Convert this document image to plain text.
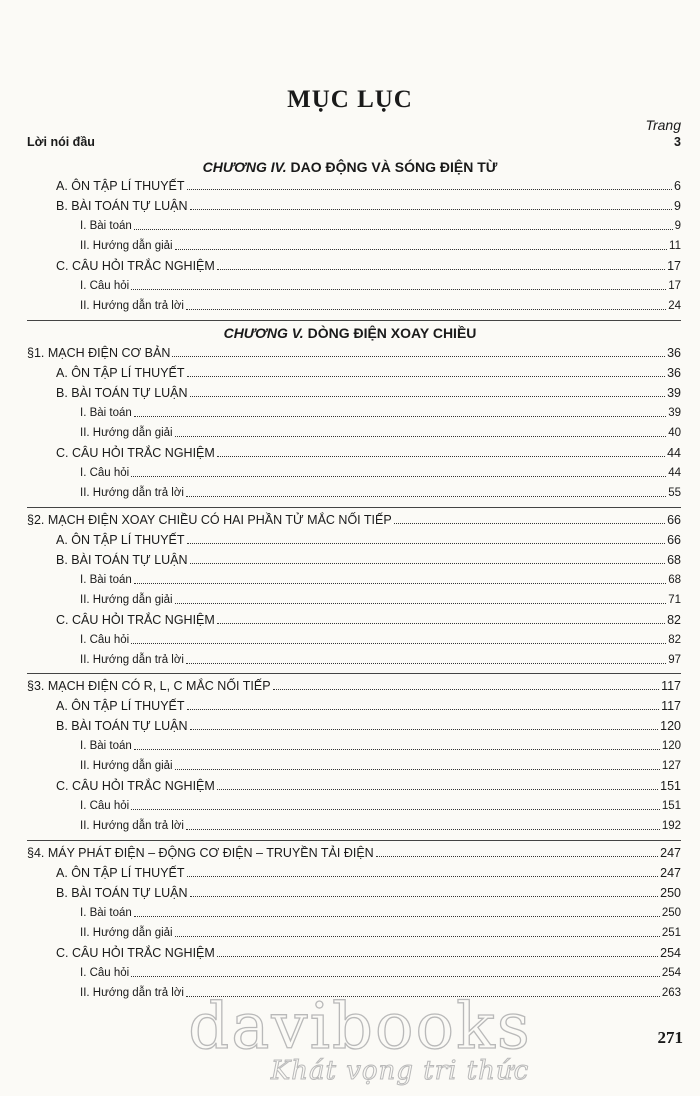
MỤC LỤC
Trang
Lời nói đầu	3
CHƯƠNG IV. DAO ĐỘNG VÀ SÓNG ĐIỆN TỪ
A. ÔN TẬP LÍ THUYẾT	6
B. BÀI TOÁN TỰ LUẬN	9
I. Bài toán	9
II. Hướng dẫn giải	11
C. CÂU HỎI TRẮC NGHIỆM	17
I. Câu hỏi	17
II. Hướng dẫn trả lời	24
CHƯƠNG V. DÒNG ĐIỆN XOAY CHIỀU
§1. MẠCH ĐIỆN CƠ BẢN	36
A. ÔN TẬP LÍ THUYẾT	36
B. BÀI TOÁN TỰ LUẬN	39
I. Bài toán	39
II. Hướng dẫn giải	40
C. CÂU HỎI TRẮC NGHIỆM	44
I. Câu hỏi	44
II. Hướng dẫn trả lời	55
§2. MẠCH ĐIỆN XOAY CHIỀU CÓ HAI PHẦN TỬ MẮC NỐI TIẾP	66
A. ÔN TẬP LÍ THUYẾT	66
B. BÀI TOÁN TỰ LUẬN	68
I. Bài toán	68
II. Hướng dẫn giải	71
C. CÂU HỎI TRẮC NGHIỆM	82
I. Câu hỏi	82
II. Hướng dẫn trả lời	97
§3. MẠCH ĐIỆN CÓ R, L, C MẮC NỐI TIẾP	117
A. ÔN TẬP LÍ THUYẾT	117
B. BÀI TOÁN TỰ LUẬN	120
I. Bài toán	120
II. Hướng dẫn giải	127
C. CÂU HỎI TRẮC NGHIỆM	151
I. Câu hỏi	151
II. Hướng dẫn trả lời	192
§4. MÁY PHÁT ĐIỆN – ĐỘNG CƠ ĐIỆN – TRUYỀN TẢI ĐIỆN	247
A. ÔN TẬP LÍ THUYẾT	247
B. BÀI TOÁN TỰ LUẬN	250
I. Bài toán	250
II. Hướng dẫn giải	251
C. CÂU HỎI TRẮC NGHIỆM	254
I. Câu hỏi	254
II. Hướng dẫn trả lời	263
271
davibooks
Khát vọng tri thức
